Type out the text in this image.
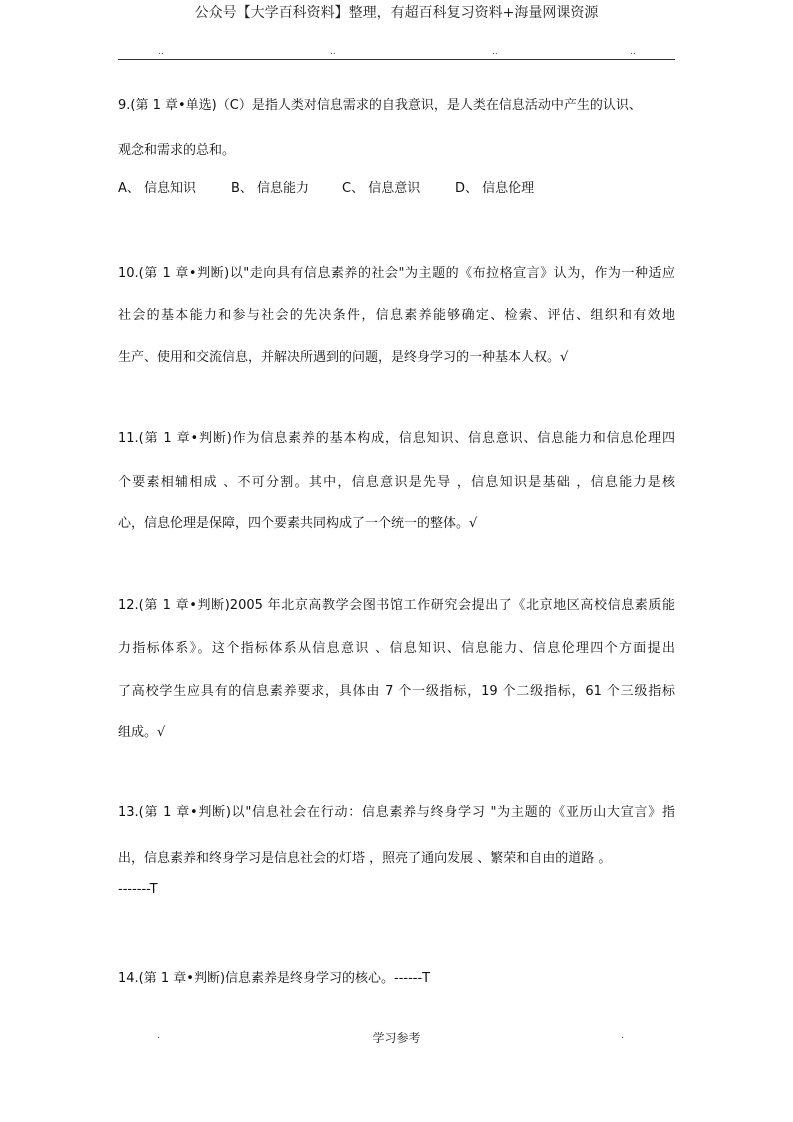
公众号【大学百科资料】整理，有超百科复习资料+海量网课资源
..	..	..	..
9.(第 1 章•单选)（C）是指人类对信息需求的自我意识，是人类在信息活动中产生的认识、
观念和需求的总和。
A、 信息知识	B、 信息能力	C、 信息意识	D、 信息伦理
10.(第 1 章•判断)以"走向具有信息素养的社会"为主题的《布拉格宣言》认为，作为一种适应
社会的基本能力和参与社会的先决条件，信息素养能够确定、检索、评估、组织和有效地
生产、使用和交流信息，并解决所遇到的问题，是终身学习的一种基本人权。√
11.(第 1 章•判断)作为信息素养的基本构成，信息知识、信息意识、信息能力和信息伦理四
个要素相辅相成 、不可分割。其中，信息意识是先导 ，信息知识是基础 ，信息能力是核
心，信息伦理是保障，四个要素共同构成了一个统一的整体。√
12.(第 1 章•判断)2005 年北京高教学会图书馆工作研究会提出了《北京地区高校信息素质能
力指标体系》。这个指标体系从信息意识 、信息知识、信息能力、信息伦理四个方面提出
了高校学生应具有的信息素养要求，具体由 7 个一级指标，19 个二级指标，61 个三级指标
组成。√
13.(第 1 章•判断)以"信息社会在行动：信息素养与终身学习 "为主题的《亚历山大宣言》指
出，信息素养和终身学习是信息社会的灯塔 ，照亮了通向发展 、繁荣和自由的道路 。
-------T
14.(第 1 章•判断)信息素养是终身学习的核心。------T
.	学习参考	.
